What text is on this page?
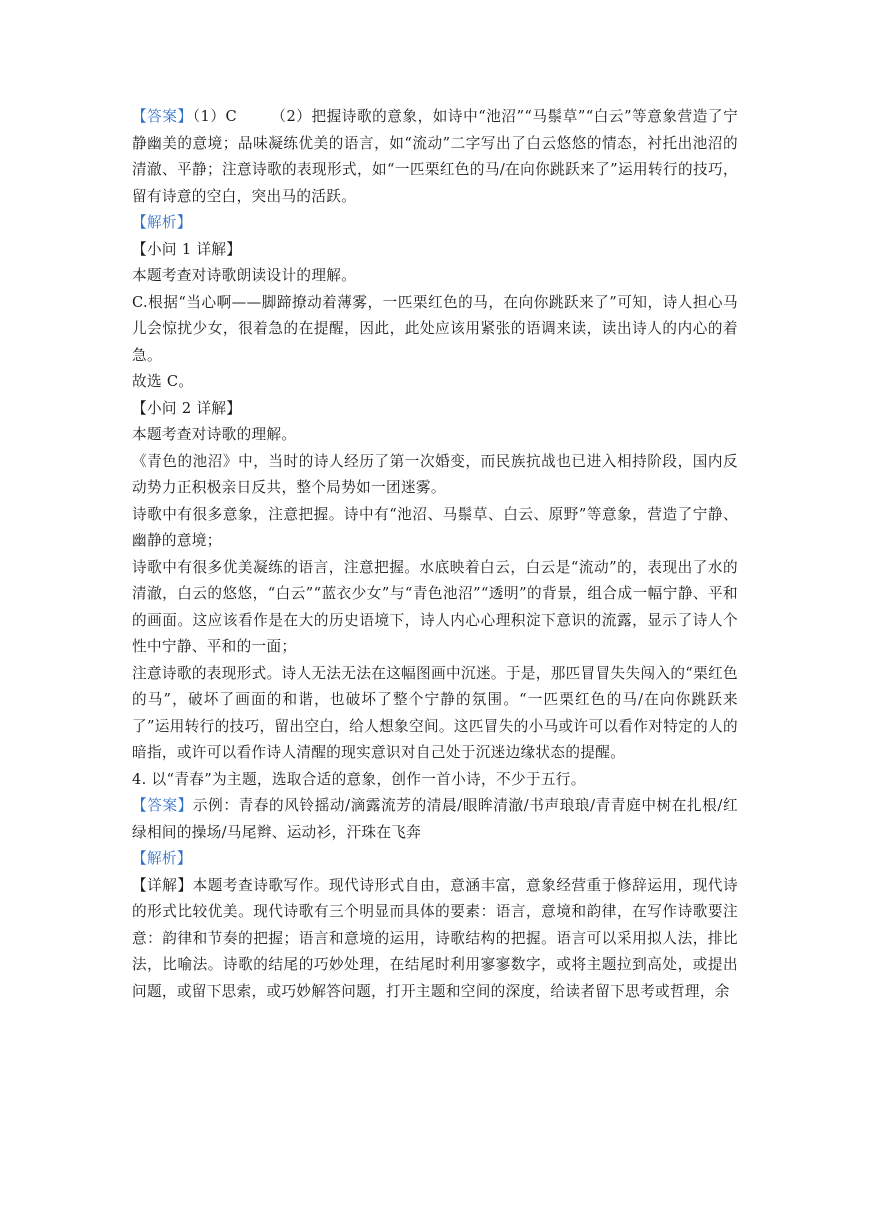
【答案】（1）C （2）把握诗歌的意象，如诗中“池沼”“马鬃草”“白云”等意象营造了宁静幽美的意境；品味凝练优美的语言，如“流动”二字写出了白云悠悠的情态，衬托出池沼的清澈、平静；注意诗歌的表现形式，如“一匹栗红色的马/在向你跳跃来了”运用转行的技巧，留有诗意的空白，突出马的活跃。

【解析】

【小问 1 详解】

本题考查对诗歌朗读设计的理解。

C.根据“当心啊——脚蹄撩动着薄雾，一匹栗红色的马，在向你跳跃来了”可知，诗人担心马儿会惊扰少女，很着急的在提醒，因此，此处应该用紧张的语调来读，读出诗人的内心的着急。

故选 C。

【小问 2 详解】

本题考查对诗歌的理解。

《青色的池沼》中，当时的诗人经历了第一次婚变，而民族抗战也已进入相持阶段，国内反动势力正积极亲日反共，整个局势如一团迷雾。

诗歌中有很多意象，注意把握。诗中有“池沼、马鬃草、白云、原野”等意象，营造了宁静、幽静的意境；

诗歌中有很多优美凝练的语言，注意把握。水底映着白云，白云是“流动”的，表现出了水的清澈，白云的悠悠，“白云”“蓝衣少女”与“青色池沼”“透明”的背景，组合成一幅宁静、平和的画面。这应该看作是在大的历史语境下，诗人内心心理积淀下意识的流露，显示了诗人个性中宁静、平和的一面；

注意诗歌的表现形式。诗人无法无法在这幅图画中沉迷。于是，那匹冒冒失失闯入的“栗红色的马”，破坏了画面的和谐，也破坏了整个宁静的氛围。“一匹栗红色的马/在向你跳跃来了”运用转行的技巧，留出空白，给人想象空间。这匹冒失的小马或许可以看作对特定的人的暗指，或许可以看作诗人清醒的现实意识对自己处于沉迷边缘状态的提醒。

4. 以“青春”为主题，选取合适的意象，创作一首小诗，不少于五行。

【答案】示例：青春的风铃摇动/滴露流芳的清晨/眼眸清澈/书声琅琅/青青庭中树在扎根/红绿相间的操场/马尾辫、运动衫，汗珠在飞奔

【解析】

【详解】本题考查诗歌写作。现代诗形式自由，意涵丰富，意象经营重于修辞运用，现代诗的形式比较优美。现代诗歌有三个明显而具体的要素：语言，意境和韵律，在写作诗歌要注意：韵律和节奏的把握；语言和意境的运用，诗歌结构的把握。语言可以采用拟人法，排比法，比喻法。诗歌的结尾的巧妙处理，在结尾时利用寥寥数字，或将主题拉到高处，或提出问题，或留下思索，或巧妙解答问题，打开主题和空间的深度，给读者留下思考或哲理，余
